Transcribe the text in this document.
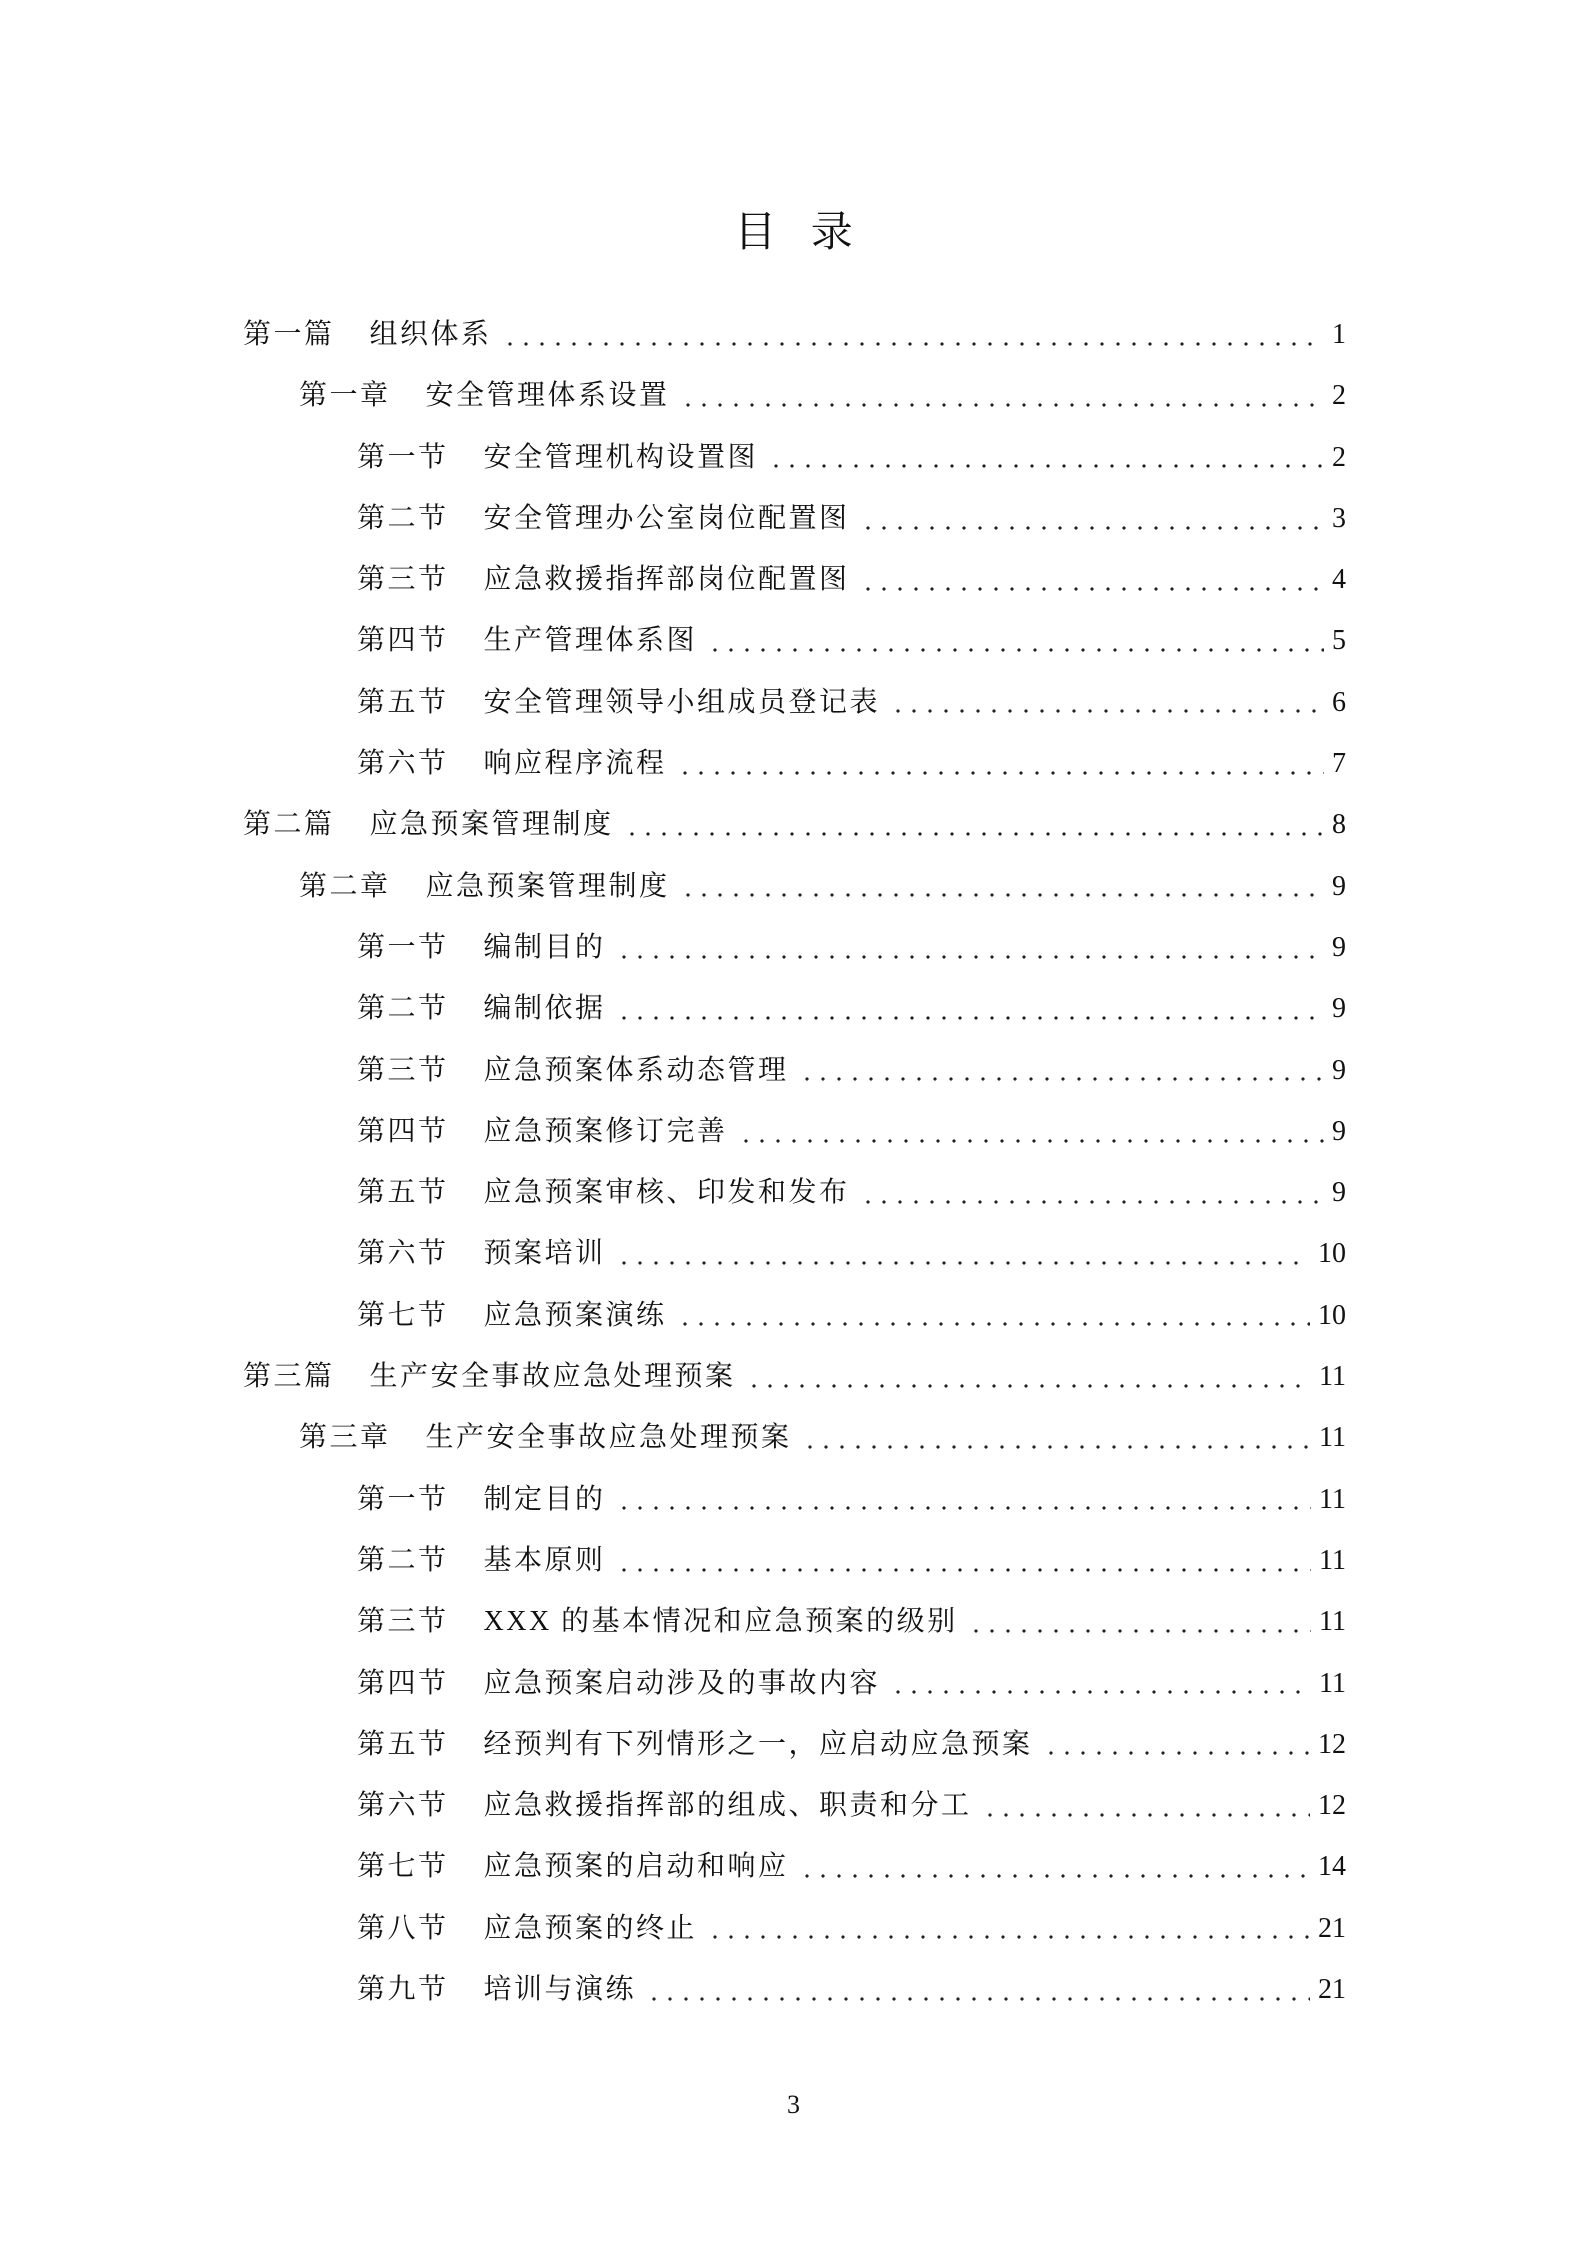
目 录
第一篇 组织体系	1
第一章 安全管理体系设置	2
第一节 安全管理机构设置图	2
第二节 安全管理办公室岗位配置图	3
第三节 应急救援指挥部岗位配置图	4
第四节 生产管理体系图	5
第五节 安全管理领导小组成员登记表	6
第六节 响应程序流程	7
第二篇 应急预案管理制度	8
第二章 应急预案管理制度	9
第一节 编制目的	9
第二节 编制依据	9
第三节 应急预案体系动态管理	9
第四节 应急预案修订完善	9
第五节 应急预案审核、印发和发布	9
第六节 预案培训	10
第七节 应急预案演练	10
第三篇 生产安全事故应急处理预案	11
第三章 生产安全事故应急处理预案	11
第一节 制定目的	11
第二节 基本原则	11
第三节 XXX 的基本情况和应急预案的级别	11
第四节 应急预案启动涉及的事故内容	11
第五节 经预判有下列情形之一，应启动应急预案	12
第六节 应急救援指挥部的组成、职责和分工	12
第七节 应急预案的启动和响应	14
第八节 应急预案的终止	21
第九节 培训与演练	21
3
